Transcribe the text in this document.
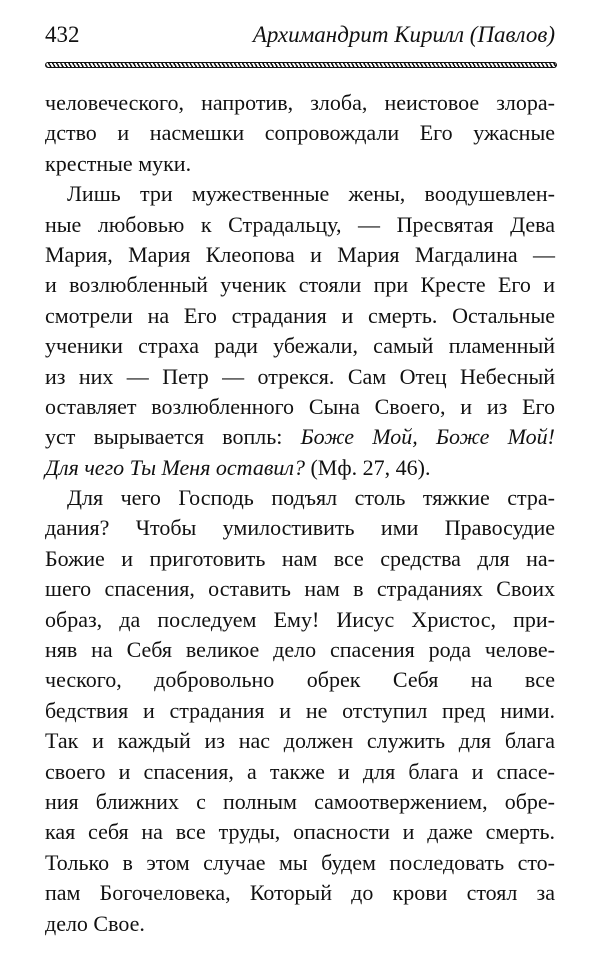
432	Архимандрит Кирилл (Павлов)
человеческого, напротив, злоба, неистовое злора-
дство и насмешки сопровождали Его ужасные
крестные муки.
Лишь три мужественные жены, воодушевлен-
ные любовью к Страдальцу, — Пресвятая Дева
Мария, Мария Клеопова и Мария Магдалина —
и возлюбленный ученик стояли при Кресте Его и
смотрели на Его страдания и смерть. Остальные
ученики страха ради убежали, самый пламенный
из них — Петр — отрекся. Сам Отец Небесный
оставляет возлюбленного Сына Своего, и из Его
уст вырывается вопль: Боже Мой, Боже Мой!
Для чего Ты Меня оставил? (Мф. 27, 46).
Для чего Господь подъял столь тяжкие стра-
дания? Чтобы умилостивить ими Правосудие
Божие и приготовить нам все средства для на-
шего спасения, оставить нам в страданиях Своих
образ, да последуем Ему! Иисус Христос, при-
няв на Себя великое дело спасения рода челове-
ческого, добровольно обрек Себя на все
бедствия и страдания и не отступил пред ними.
Так и каждый из нас должен служить для блага
своего и спасения, а также и для блага и спасе-
ния ближних с полным самоотвержением, обре-
кая себя на все труды, опасности и даже смерть.
Только в этом случае мы будем последовать сто-
пам Богочеловека, Который до крови стоял за
дело Свое.
